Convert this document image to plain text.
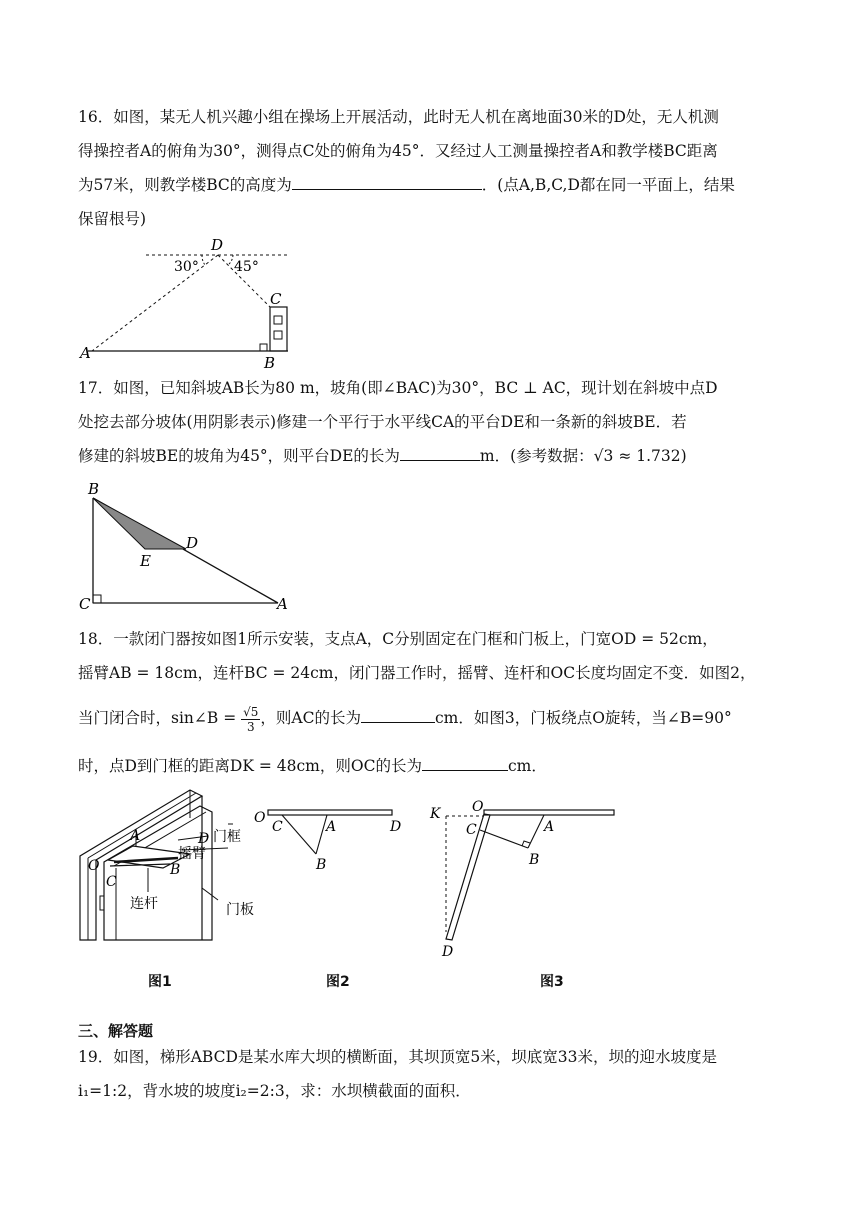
16．如图，某无人机兴趣小组在操场上开展活动，此时无人机在离地面30米的D处，无人机测
得操控者A的俯角为30°，测得点C处的俯角为45°．又经过人工测量操控者A和教学楼BC距离
为57米，则教学楼BC的高度为	．(点A,B,C,D都在同一平面上，结果
保留根号)
D
30°	45°
C
A
B
17．如图，已知斜坡AB长为80 m，坡角(即∠BAC)为30°，BC ⊥ AC，现计划在斜坡中点D
处挖去部分坡体(用阴影表示)修建一个平行于水平线CA的平台DE和一条新的斜坡BE．若
修建的斜坡BE的坡角为45°，则平台DE的长为	m．(参考数据：√3 ≈ 1.732)
B
D
E
C	A
18．一款闭门器按如图1所示安装，支点A，C分别固定在门框和门板上，门宽OD = 52cm，
摇臂AB = 18cm，连杆BC = 24cm，闭门器工作时，摇臂、连杆和OC长度均固定不变．如图2，
当门闭合时，sin∠B = $\frac{√5}{3}$ ，则AC的长为	cm．如图3，门板绕点O旋转，当∠B=90°
时，点D到门框的距离DK = 48cm，则OC的长为	cm．
A	D
O
C
B
门框
摇臂
连杆	门板
O
C	A	D
B
K O
C	A
B
D
图1	图2	图3
三、解答题
19．如图，梯形ABCD是某水库大坝的横断面，其坝顶宽5米，坝底宽33米，坝的迎水坡度是
i₁=1:2，背水坡的坡度i₂=2:3，求：水坝横截面的面积．
